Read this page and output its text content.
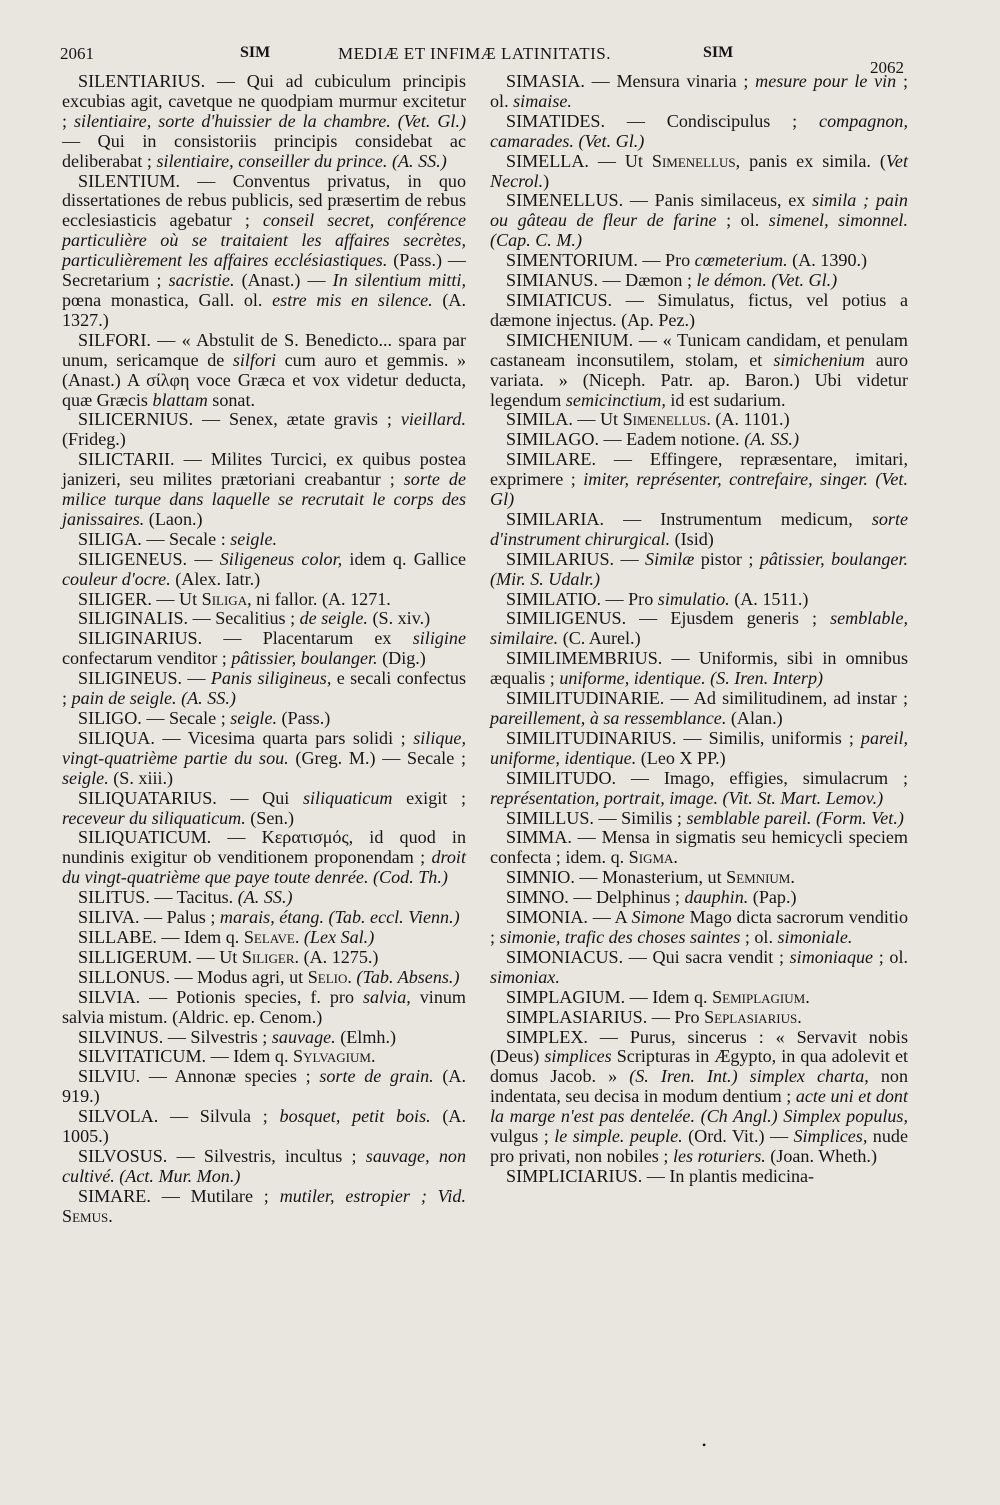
2061	SIM	MEDIÆ ET INFIMÆ LATINITATIS.	SIM
2062

SILENTIARIUS. — Qui ad cubiculum principis excubias agit, cavetque ne quodpiam murmur excitetur ; silentiaire, sorte d'huissier de la chambre. (Vet. Gl.) — Qui in consistoriis principis considebat ac deliberabat ; silentiaire, conseiller du prince. (A. SS.)

SILENTIUM. — Conventus privatus, in quo dissertationes de rebus publicis, sed præsertim de rebus ecclesiasticis agebatur ; conseil secret, conférence particulière où se traitaient les affaires secrètes, particulièrement les affaires ecclésiastiques. (Pass.) — Secretarium ; sacristie. (Anast.) — In silentium mitti, pœna monastica, Gall. ol. estre mis en silence. (A. 1327.)

SILFORI. — « Abstulit de S. Benedicto... spara par unum, sericamque de silfori cum auro et gemmis. » (Anast.) A σίλφη voce Græca et vox videtur deducta, quæ Græcis blattam sonat.

SILICERNIUS. — Senex, ætate gravis ; vieillard. (Frideg.)

SILICTARII. — Milites Turcici, ex quibus postea janizeri, seu milites prætoriani creabantur ; sorte de milice turque dans laquelle se recrutait le corps des janissaires. (Laon.)

SILIGA. — Secale : seigle.

SILIGENEUS. — Siligeneus color, idem q. Gallice couleur d'ocre. (Alex. Iatr.)

SILIGER. — Ut Siliga, ni fallor. (A. 1271.

SILIGINALIS. — Secalitius ; de seigle. (S. xiv.)

SILIGINARIUS. — Placentarum ex siligine confectarum venditor ; pâtissier, boulanger. (Dig.)

SILIGINEUS. — Panis siligineus, e secali confectus ; pain de seigle. (A. SS.)

SILIGO. — Secale ; seigle. (Pass.)

SILIQUA. — Vicesima quarta pars solidi ; silique, vingt-quatrième partie du sou. (Greg. M.) — Secale ; seigle. (S. xiii.)

SILIQUATARIUS. — Qui siliquaticum exigit ; receveur du siliquaticum. (Sen.)

SILIQUATICUM. — Κερατισμός, id quod in nundinis exigitur ob venditionem proponendam ; droit du vingt-quatrième que paye toute denrée. (Cod. Th.)

SILITUS. — Tacitus. (A. SS.)

SILIVA. — Palus ; marais, étang. (Tab. eccl. Vienn.)

SILLABE. — Idem q. Selave. (Lex Sal.)

SILLIGERUM. — Ut Siliger. (A. 1275.)

SILLONUS. — Modus agri, ut Selio. (Tab. Absens.)

SILVIA. — Potionis species, f. pro salvia, vinum salvia mistum. (Aldric. ep. Cenom.)

SILVINUS. — Silvestris ; sauvage. (Elmh.)

SILVITATICUM. — Idem q. Sylvagium.

SILVIU. — Annonæ species ; sorte de grain. (A. 919.)

SILVOLA. — Silvula ; bosquet, petit bois. (A. 1005.)

SILVOSUS. — Silvestris, incultus ; sauvage, non cultivé. (Act. Mur. Mon.)

SIMARE. — Mutilare ; mutiler, estropier ; Vid. Semus.

SIMASIA. — Mensura vinaria ; mesure pour le vin ; ol. simaise.

SIMATIDES. — Condiscipulus ; compagnon, camarades. (Vet. Gl.)

SIMELLA. — Ut Simenellus, panis ex simila. (Vet Necrol.)

SIMENELLUS. — Panis similaceus, ex simila ; pain ou gâteau de fleur de farine ; ol. simenel, simonnel. (Cap. C. M.)

SIMENTORIUM. — Pro cœmeterium. (A. 1390.)

SIMIANUS. — Dæmon ; le démon. (Vet. Gl.)

SIMIATICUS. — Simulatus, fictus, vel potius a dæmone injectus. (Ap. Pez.)

SIMICHENIUM. — « Tunicam candidam, et penulam castaneam inconsutilem, stolam, et simichenium auro variata. » (Niceph. Patr. ap. Baron.) Ubi videtur legendum semicinctium, id est sudarium.

SIMILA. — Ut Simenellus. (A. 1101.)

SIMILAGO. — Eadem notione. (A. SS.)

SIMILARE. — Effingere, repræsentare, imitari, exprimere ; imiter, représenter, contrefaire, singer. (Vet. Gl)

SIMILARIA. — Instrumentum medicum, sorte d'instrument chirurgical. (Isid)

SIMILARIUS. — Similæ pistor ; pâtissier, boulanger. (Mir. S. Udalr.)

SIMILATIO. — Pro simulatio. (A. 1511.)

SIMILIGENUS. — Ejusdem generis ; semblable, similaire. (C. Aurel.)

SIMILIMEMBRIUS. — Uniformis, sibi in omnibus æqualis ; uniforme, identique. (S. Iren. Interp)

SIMILITUDINARIE. — Ad similitudinem, ad instar ; pareillement, à sa ressemblance. (Alan.)

SIMILITUDINARIUS. — Similis, uniformis ; pareil, uniforme, identique. (Leo X PP.)

SIMILITUDO. — Imago, effigies, simulacrum ; représentation, portrait, image. (Vit. St. Mart. Lemov.)

SIMILLUS. — Similis ; semblable pareil. (Form. Vet.)

SIMMA. — Mensa in sigmatis seu hemicycli speciem confecta ; idem. q. Sigma.

SIMNIO. — Monasterium, ut Semnium.

SIMNO. — Delphinus ; dauphin. (Pap.)

SIMONIA. — A Simone Mago dicta sacrorum venditio ; simonie, trafic des choses saintes ; ol. simoniale.

SIMONIACUS. — Qui sacra vendit ; simoniaque ; ol. simoniax.

SIMPLAGIUM. — Idem q. Semiplagium.

SIMPLASIARIUS. — Pro Seplasiarius.

SIMPLEX. — Purus, sincerus : « Servavit nobis (Deus) simplices Scripturas in Ægypto, in qua adolevit et domus Jacob. » (S. Iren. Int.) simplex charta, non indentata, seu decisa in modum dentium ; acte uni et dont la marge n'est pas dentelée. (Ch Angl.) Simplex populus, vulgus ; le simple. peuple. (Ord. Vit.) — Simplices, nude pro privati, non nobiles ; les roturiers. (Joan. Wheth.)

SIMPLICIARIUS. — In plantis medicina-

•
